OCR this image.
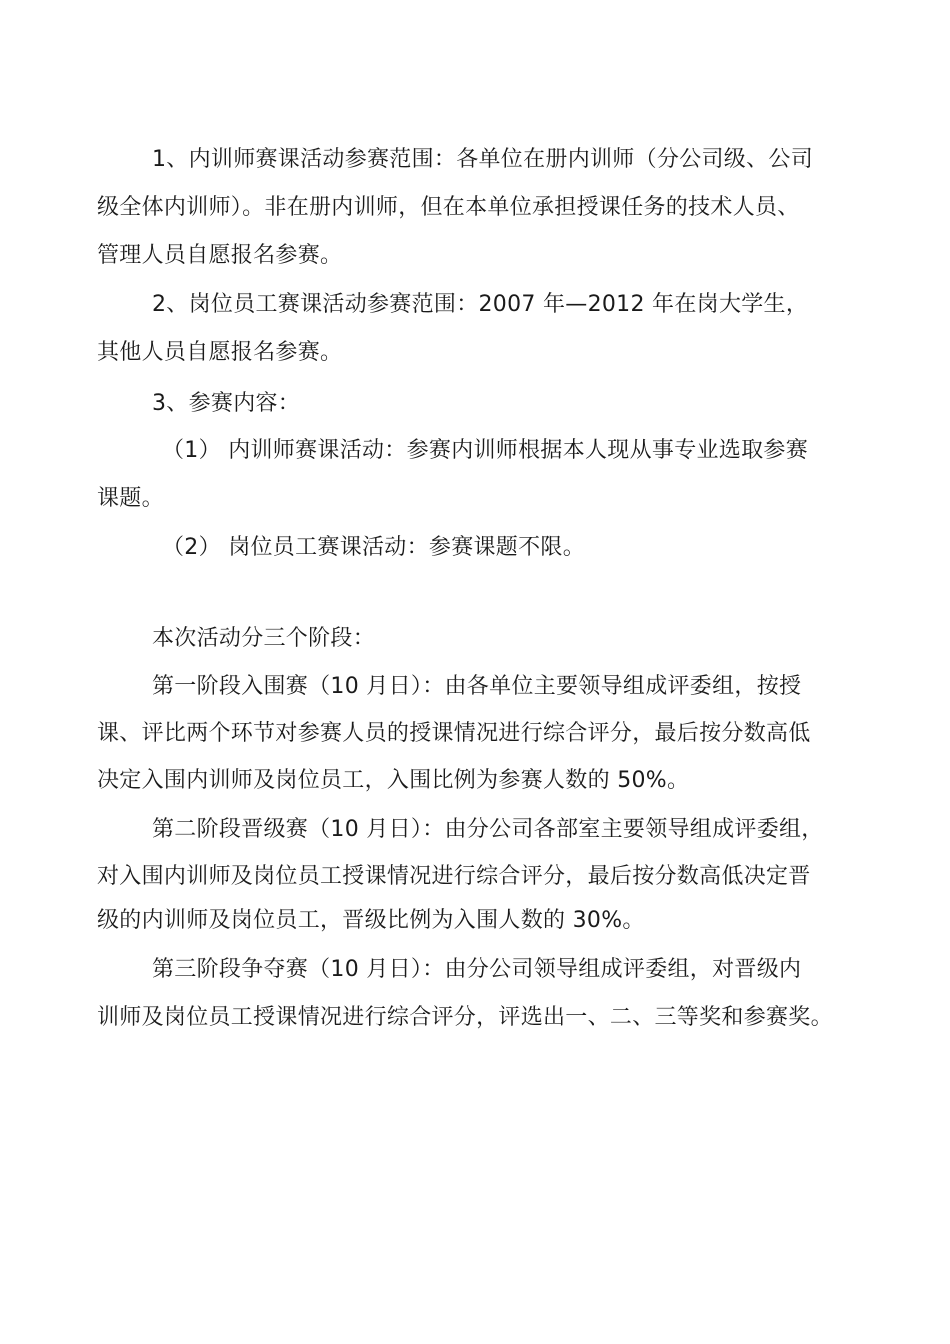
1、内训师赛课活动参赛范围：各单位在册内训师（分公司级、公司

级全体内训师）。非在册内训师，但在本单位承担授课任务的技术人员、

管理人员自愿报名参赛。

2、岗位员工赛课活动参赛范围：2007 年—2012 年在岗大学生，

其他人员自愿报名参赛。

3、参赛内容：

（1） 内训师赛课活动：参赛内训师根据本人现从事专业选取参赛

课题。

（2） 岗位员工赛课活动：参赛课题不限。

本次活动分三个阶段：

第一阶段入围赛（10 月日）：由各单位主要领导组成评委组，按授

课、评比两个环节对参赛人员的授课情况进行综合评分，最后按分数高低

决定入围内训师及岗位员工，入围比例为参赛人数的 50%。

第二阶段晋级赛（10 月日）：由分公司各部室主要领导组成评委组，

对入围内训师及岗位员工授课情况进行综合评分，最后按分数高低决定晋

级的内训师及岗位员工，晋级比例为入围人数的 30%。

第三阶段争夺赛（10 月日）：由分公司领导组成评委组，对晋级内

训师及岗位员工授课情况进行综合评分，评选出一、二、三等奖和参赛奖。
